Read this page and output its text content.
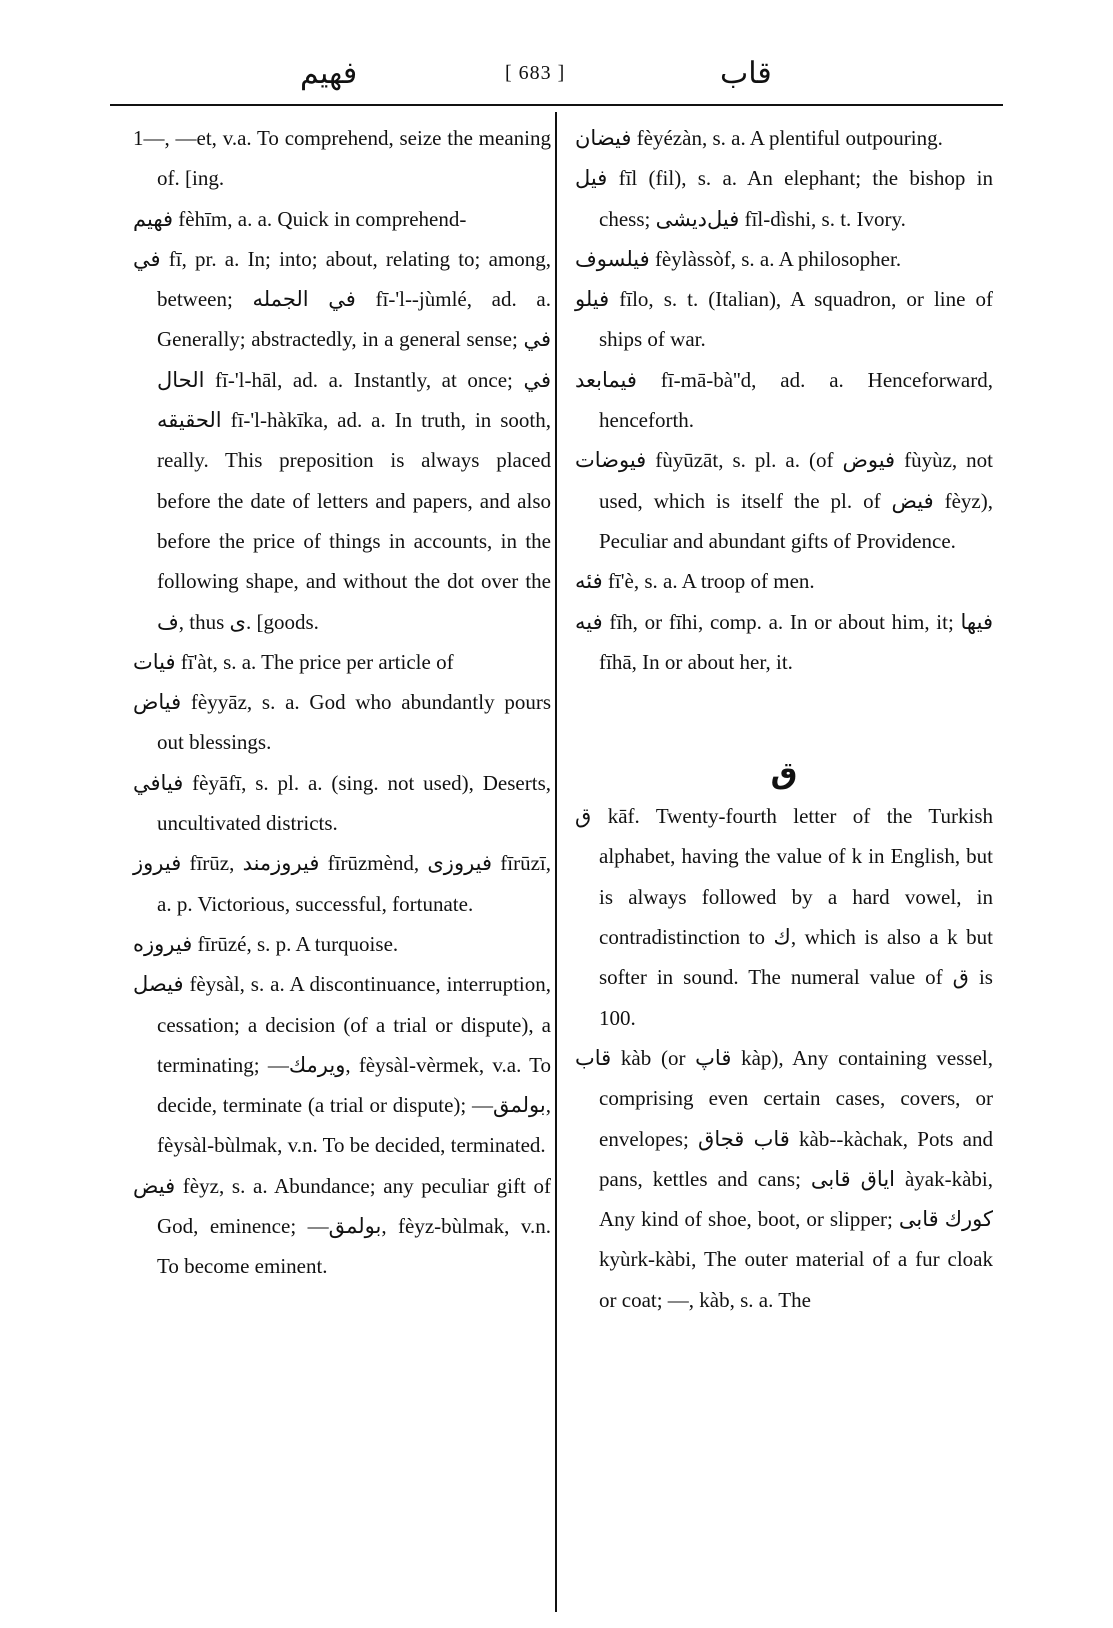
فهيم	[ 683 ]	قاب

1—, —et, v.a. To comprehend, seize the meaning of. [ing.

فهيم fèhīm, a. a. Quick in comprehend-

في fī, pr. a. In; into; about, relating to; among, between; في الجمله fī-'l--jùmlé, ad. a. Generally; abstractedly, in a general sense; في الحال fī-'l-hāl, ad. a. Instantly, at once; في الحقيقه fī-'l-hàkīka, ad. a. In truth, in sooth, really. This preposition is always placed before the date of letters and papers, and also before the price of things in accounts, in the following shape, and without the dot over the ف, thus ى. [goods.

فيات fī'àt, s. a. The price per article of

فياض fèyyāz, s. a. God who abundantly pours out blessings.

فيافي fèyāfī, s. pl. a. (sing. not used), Deserts, uncultivated districts.

فيروز fīrūz, فيروزمند fīrūzmènd, فيروزى fīrūzī, a. p. Victorious, successful, fortunate.

فيروزه fīrūzé, s. p. A turquoise.

فيصل fèysàl, s. a. A discontinuance, interruption, cessation; a decision (of a trial or dispute), a terminating; —ويرمك, fèysàl-vèrmek, v.a. To decide, terminate (a trial or dispute); —بولمق, fèysàl-bùlmak, v.n. To be decided, terminated.

فيض fèyz, s. a. Abundance; any peculiar gift of God, eminence; —بولمق, fèyz-bùlmak, v.n. To become eminent.

فيضان fèyézàn, s. a. A plentiful outpouring.

فيل fīl (fil), s. a. An elephant; the bishop in chess; فيل‌ديشى fīl-dìshi, s. t. Ivory.

فيلسوف fèylàssòf, s. a. A philosopher.

فيلو fīlo, s. t. (Italian), A squadron, or line of ships of war.

فيمابعد fī-mā-bà''d, ad. a. Henceforward, henceforth.

فيوضات fùyūzāt, s. pl. a. (of فيوض fùyùz, not used, which is itself the pl. of فيض fèyz), Peculiar and abundant gifts of Providence.

فئه fī'è, s. a. A troop of men.

فيه fīh, or fīhi, comp. a. In or about him, it; فيها fīhā, In or about her, it.

ق

ق kāf. Twenty-fourth letter of the Turkish alphabet, having the value of k in English, but is always followed by a hard vowel, in contradistinction to ك, which is also a k but softer in sound. The numeral value of ق is 100.

قاب kàb (or قاپ kàp), Any containing vessel, comprising even certain cases, covers, or envelopes; قاب قجاق kàb--kàchak, Pots and pans, kettles and cans; اياق قابى àyak-kàbi, Any kind of shoe, boot, or slipper; كورك قابى kyùrk-kàbi, The outer material of a fur cloak or coat; —, kàb, s. a. The
